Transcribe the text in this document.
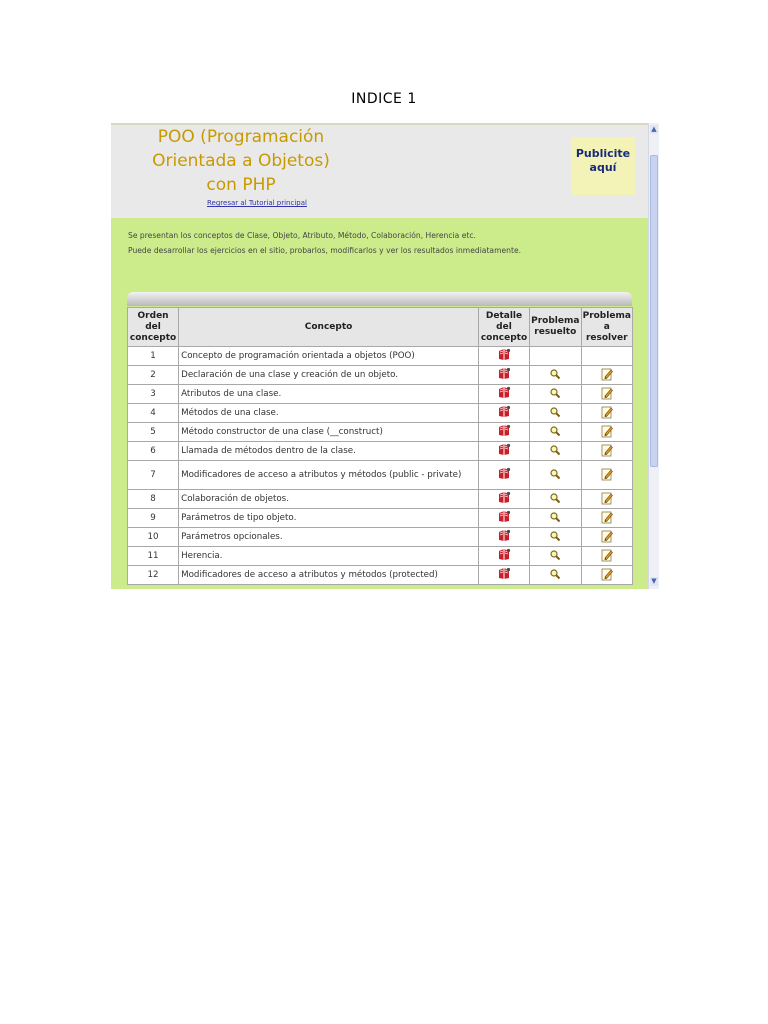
INDICE 1
POO (Programación
Orientada a Objetos)
con PHP
Regresar al Tutorial principal
Publicite
aquí
Se presentan los conceptos de Clase, Objeto, Atributo, Método, Colaboración, Herencia etc.
Puede desarrollar los ejercicios en el sitio, probarlos, modificarlos y ver los resultados inmediatamente.
Orden del concepto	Concepto	Detalle del concepto	Problema resuelto	Problema a resolver
1	Concepto de programación orientada a objetos (POO)			
2	Declaración de una clase y creación de un objeto.			
3	Atributos de una clase.			
4	Métodos de una clase.			
5	Método constructor de una clase (__construct)			
6	Llamada de métodos dentro de la clase.			
7	Modificadores de acceso a atributos y métodos (public - private)			
8	Colaboración de objetos.			
9	Parámetros de tipo objeto.			
10	Parámetros opcionales.			
11	Herencia.			
12	Modificadores de acceso a atributos y métodos (protected)			
▲
▼
